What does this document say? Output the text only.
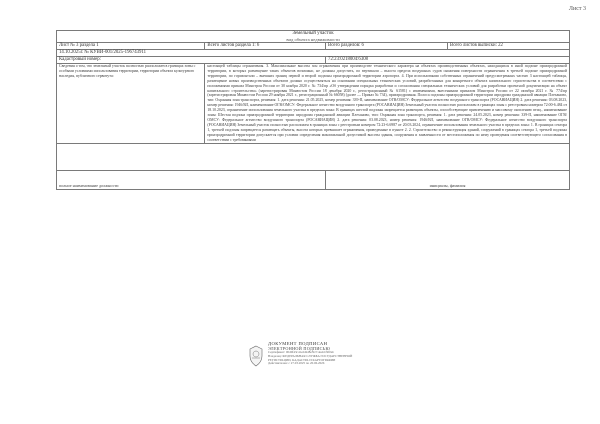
Лист 3
Земельный участок
вид объекта недвижимости			

Лист № 3 раздела 1	Всего листов раздела 1: 6	Всего разделов: 6	Всего листов выписки: 22
14.10.2025г. № КУВИ-001/2025-196743911			
Кадастровый номер:		72:23:0218004:6308	

Сведения о том, что земельный участок полностью расположен в границах зоны с особыми условиями использования территории, территории объекта культурного наследия, публичного сервитута:	настоящей таблицы ограничения. 3. Максимальные высоты зон ограничения при производстве технического характера на объектах производственных объектах, находящихся в иной подзоне приаэродромной территории, в которых размещение таких объектов возможно, не должны допустить, по вертикали – высота предела воздушных судов снижения поверхности ограничения в третьей подзоне приаэродромной территории, по горизонтали – внешних границ первой и второй подзоны приаэродромной территории аэропорта. 4. При использовании собственных ограничений предусмотренных частью 3 настоящей таблицы, размещение новых производственных объектов должно осуществляться на основании специальных технических условий, разработанных для конкретного объекта капитального строительства в соответствии с положениями приказа Минстроя России от 30 ноября 2020 г. № 734/пр «Об утверждении порядка разработки и согласования специальных технических условий для разработки проектной документации на объект капитального строительства» (зарегистрирован Минюстом России 18 декабря 2020 г., регистрационный № 61581) с изменениями, внесенными приказом Минстроя России от 22 октября 2021 г. № 774/пр (зарегистрирован Минюстом России 29 ноября 2021 г., регистрационный № 66058) (далее — Приказ № 734), приаэродромная. Полоса подзоны приаэродромной территории аэродрома гражданской авиации Плеханово, тип: Охранная зона транспорта, решения: 1. дата решения: 21.05.2025, номер решения: 339-П, наименование ОГВ/ОМСУ: Федеральное агентство воздушного транспорта (РОСАВИАЦИЯ) 2. дата решения: 03.08.2023, номер решения: 1946/ВЛ, наименование ОГВ/ОМСУ: Федеральное агентство воздушного транспорта (РОСАВИАЦИЯ) Земельный участок полностью расположен в границах зоны с реестровым номером 72:00-6.484 от 18.10.2023, ограничение использования земельного участка в пределах зоны: В границах шестой подзоны запрещается размещать объекты, способствующие привлечению и массовому скоплению птиц., наименование зоны: Шестая подзона приаэродромной территории аэродрома гражданской авиации Плеханово, тип: Охранная зона транспорта, решения: 1. дата решения: 24.05.2023, номер решения: 339-П, наименование ОГВ/ОМСУ: Федеральное агентство воздушного транспорта (РОСАВИАЦИЯ) 2. дата решения: 03.08.2023, номер решения: 1946/ВЛ, наименование ОГВ/ОМСУ: Федеральное агентство воздушного транспорта (РОСАВИАЦИЯ) Земельный участок полностью расположен в границах зоны с реестровым номером 72:23-6.6987 от 20.03.2024, ограничение использования земельного участка в пределах зоны: 1. В границах сектора 1, третьей подзоны запрещается размещать объекты, высота которых превышает ограничения, приведенные в пункте 2. 2. Строительство и реконструкция зданий, сооружений в границах сектора 1, третьей подзоны приаэродромной территории допускается при условии определения максимальной допустимой высоты здания, сооружения и заявленности от местоположения по нему проведения соответствующего согласования в соответствии с требованиями		

полное наименование должности		инициалы, фамилия	
ДОКУМЕНТ ПОДПИСАН
ЭЛЕКТРОННОЙ ПОДПИСЬЮ
Сертификат: 00d0f43c41e2a9d8e5b7c4a2e1f9f0ab
Владелец: ФЕДЕРАЛЬНАЯ СЛУЖБА ГОСУДАРСТВЕННОЙ
РЕГИСТРАЦИИ, КАДАСТРА И КАРТОГРАФИИ
Действителен: с 27.03.2025 по 20.06.2026
